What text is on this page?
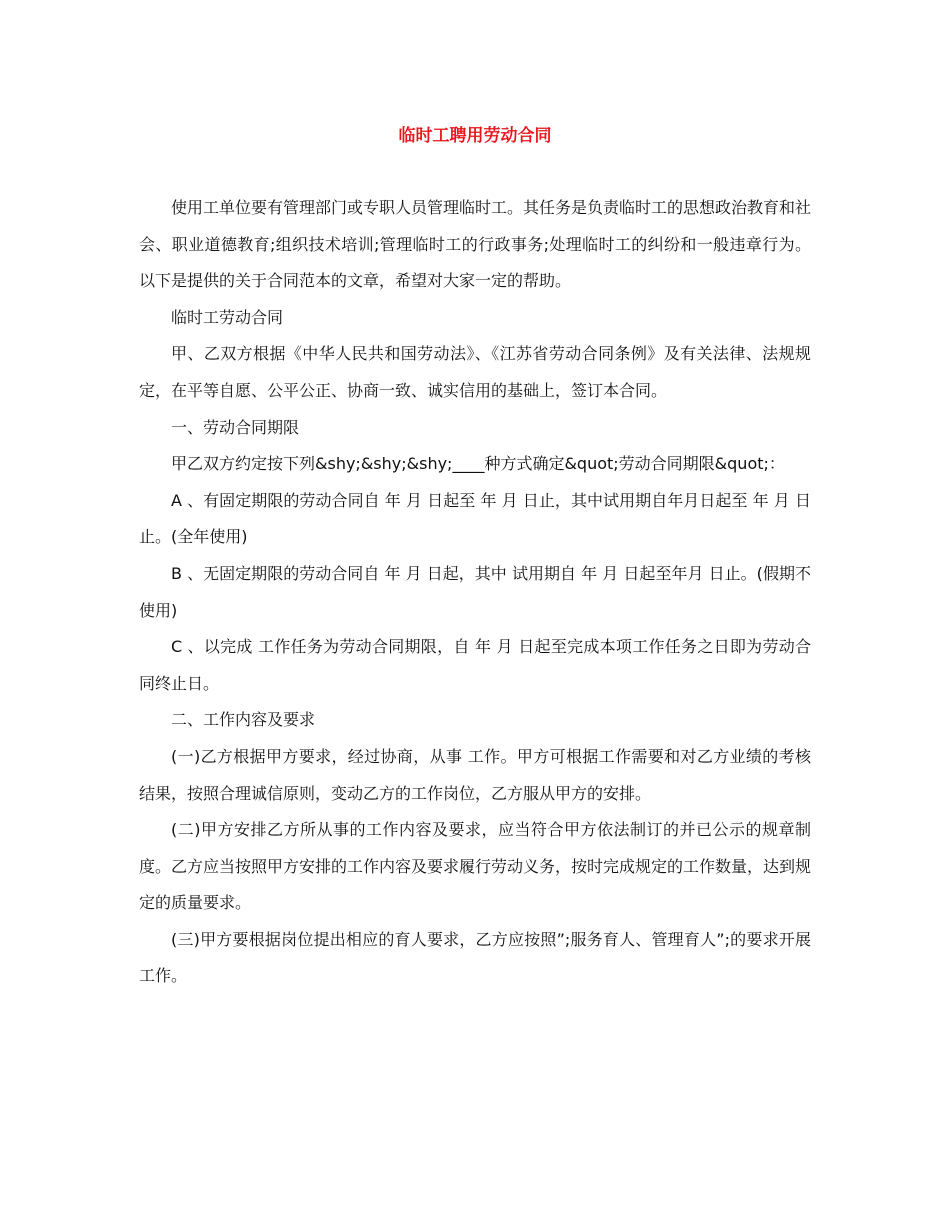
临时工聘用劳动合同

使用工单位要有管理部门或专职人员管理临时工。其任务是负责临时工的思想政治教育和社会、职业道德教育;组织技术培训;管理临时工的行政事务;处理临时工的纠纷和一般违章行为。以下是提供的关于合同范本的文章，希望对大家一定的帮助。

临时工劳动合同

甲、乙双方根据《中华人民共和国劳动法》、《江苏省劳动合同条例》及有关法律、法规规定，在平等自愿、公平公正、协商一致、诚实信用的基础上，签订本合同。

一、劳动合同期限

甲乙双方约定按下列&shy;&shy;&shy;____种方式确定&quot;劳动合同期限&quot;：

A 、有固定期限的劳动合同自 年 月 日起至 年 月 日止，其中试用期自年月日起至 年 月 日止。(全年使用)

B 、无固定期限的劳动合同自 年 月 日起，其中 试用期自 年 月 日起至年月 日止。(假期不使用)

C 、以完成 工作任务为劳动合同期限，自 年 月 日起至完成本项工作任务之日即为劳动合同终止日。

二、工作内容及要求

(一)乙方根据甲方要求，经过协商，从事 工作。甲方可根据工作需要和对乙方业绩的考核结果，按照合理诚信原则，变动乙方的工作岗位，乙方服从甲方的安排。

(二)甲方安排乙方所从事的工作内容及要求，应当符合甲方依法制订的并已公示的规章制度。乙方应当按照甲方安排的工作内容及要求履行劳动义务，按时完成规定的工作数量，达到规定的质量要求。

(三)甲方要根据岗位提出相应的育人要求，乙方应按照”;服务育人、管理育人”;的要求开展工作。
